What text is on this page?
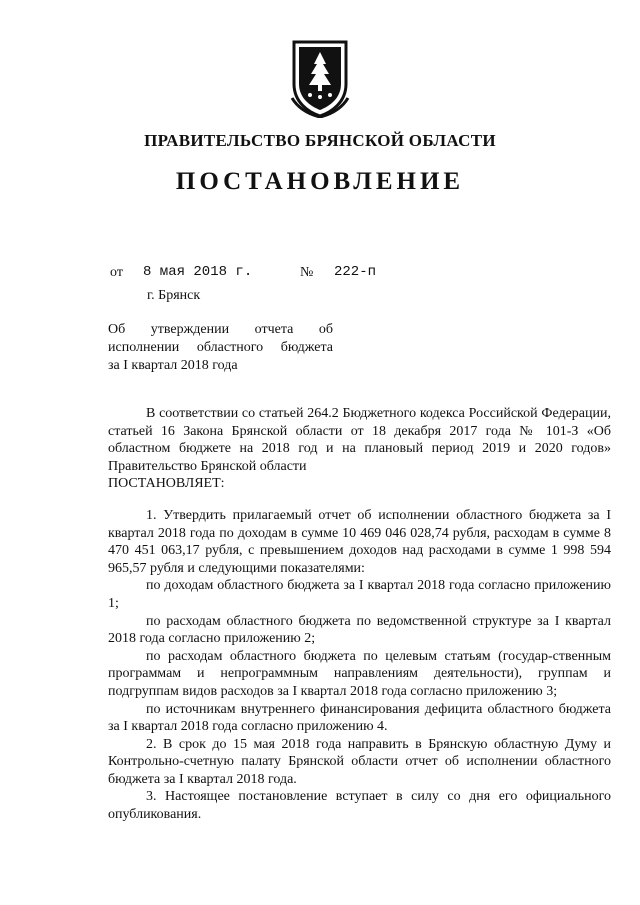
ПРАВИТЕЛЬСТВО БРЯНСКОЙ ОБЛАСТИ
ПОСТАНОВЛЕНИЕ
от 8 мая 2018 г.	№ 222-п
г. Брянск
Об утверждении отчета об
исполнении областного бюджета
за I квартал 2018 года

В соответствии со статьей 264.2 Бюджетного кодекса Российской Федерации, статьей 16 Закона Брянской области от 18 декабря 2017 года № 101-З «Об областном бюджете на 2018 год и на плановый период 2019 и 2020 годов» Правительство Брянской области

ПОСТАНОВЛЯЕТ:

1. Утвердить прилагаемый отчет об исполнении областного бюджета за I квартал 2018 года по доходам в сумме 10 469 046 028,74 рубля, расходам в сумме 8 470 451 063,17 рубля, с превышением доходов над расходами в сумме 1 998 594 965,57 рубля и следующими показателями:

по доходам областного бюджета за I квартал 2018 года согласно приложению 1;

по расходам областного бюджета по ведомственной структуре за I квартал 2018 года согласно приложению 2;

по расходам областного бюджета по целевым статьям (государ-ственным программам и непрограммным направлениям деятельности), группам и подгруппам видов расходов за I квартал 2018 года согласно приложению 3;

по источникам внутреннего финансирования дефицита областного бюджета за I квартал 2018 года согласно приложению 4.

2. В срок до 15 мая 2018 года направить в Брянскую областную Думу и Контрольно-счетную палату Брянской области отчет об исполнении областного бюджета за I квартал 2018 года.

3. Настоящее постановление вступает в силу со дня его официального опубликования.
